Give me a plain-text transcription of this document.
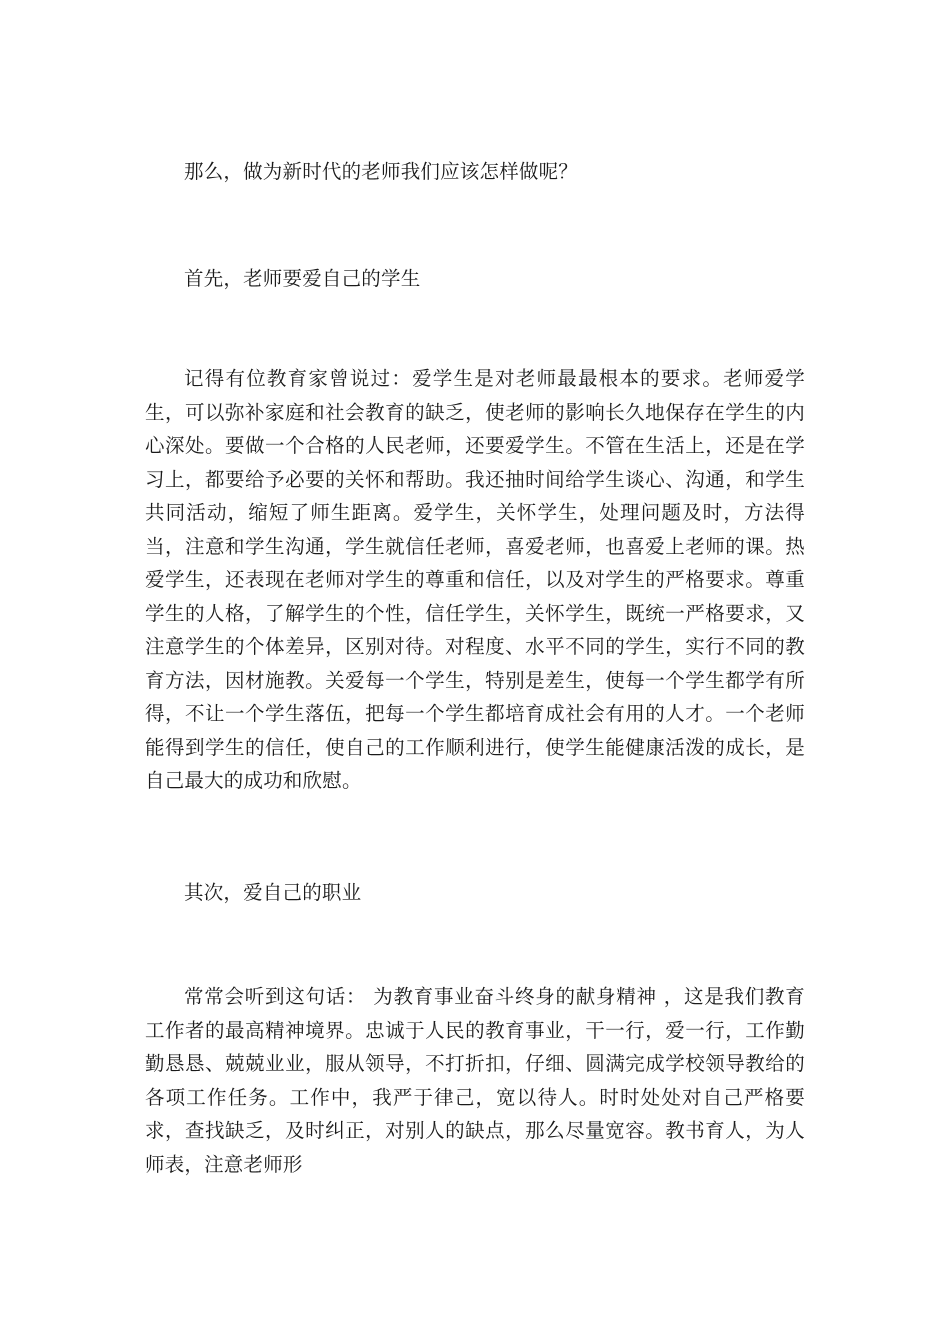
那么，做为新时代的老师我们应该怎样做呢？

首先，老师要爱自己的学生

记得有位教育家曾说过：爱学生是对老师最最根本的要求。老师爱学生，可以弥补家庭和社会教育的缺乏，使老师的影响长久地保存在学生的内心深处。要做一个合格的人民老师，还要爱学生。不管在生活上，还是在学习上，都要给予必要的关怀和帮助。我还抽时间给学生谈心、沟通，和学生共同活动，缩短了师生距离。爱学生，关怀学生，处理问题及时，方法得当，注意和学生沟通，学生就信任老师，喜爱老师，也喜爱上老师的课。热爱学生，还表现在老师对学生的尊重和信任，以及对学生的严格要求。尊重学生的人格，了解学生的个性，信任学生，关怀学生，既统一严格要求，又注意学生的个体差异，区别对待。对程度、水平不同的学生，实行不同的教育方法，因材施教。关爱每一个学生，特别是差生，使每一个学生都学有所得，不让一个学生落伍，把每一个学生都培育成社会有用的人才。一个老师能得到学生的信任，使自己的工作顺利进行，使学生能健康活泼的成长，是自己最大的成功和欣慰。

其次，爱自己的职业

常常会听到这句话： 为教育事业奋斗终身的献身精神 ，这是我们教育工作者的最高精神境界。忠诚于人民的教育事业，干一行，爱一行，工作勤勤恳恳、兢兢业业，服从领导，不打折扣，仔细、圆满完成学校领导教给的各项工作任务。工作中，我严于律己，宽以待人。时时处处对自己严格要求，查找缺乏，及时纠正，对别人的缺点，那么尽量宽容。教书育人，为人师表，注意老师形
